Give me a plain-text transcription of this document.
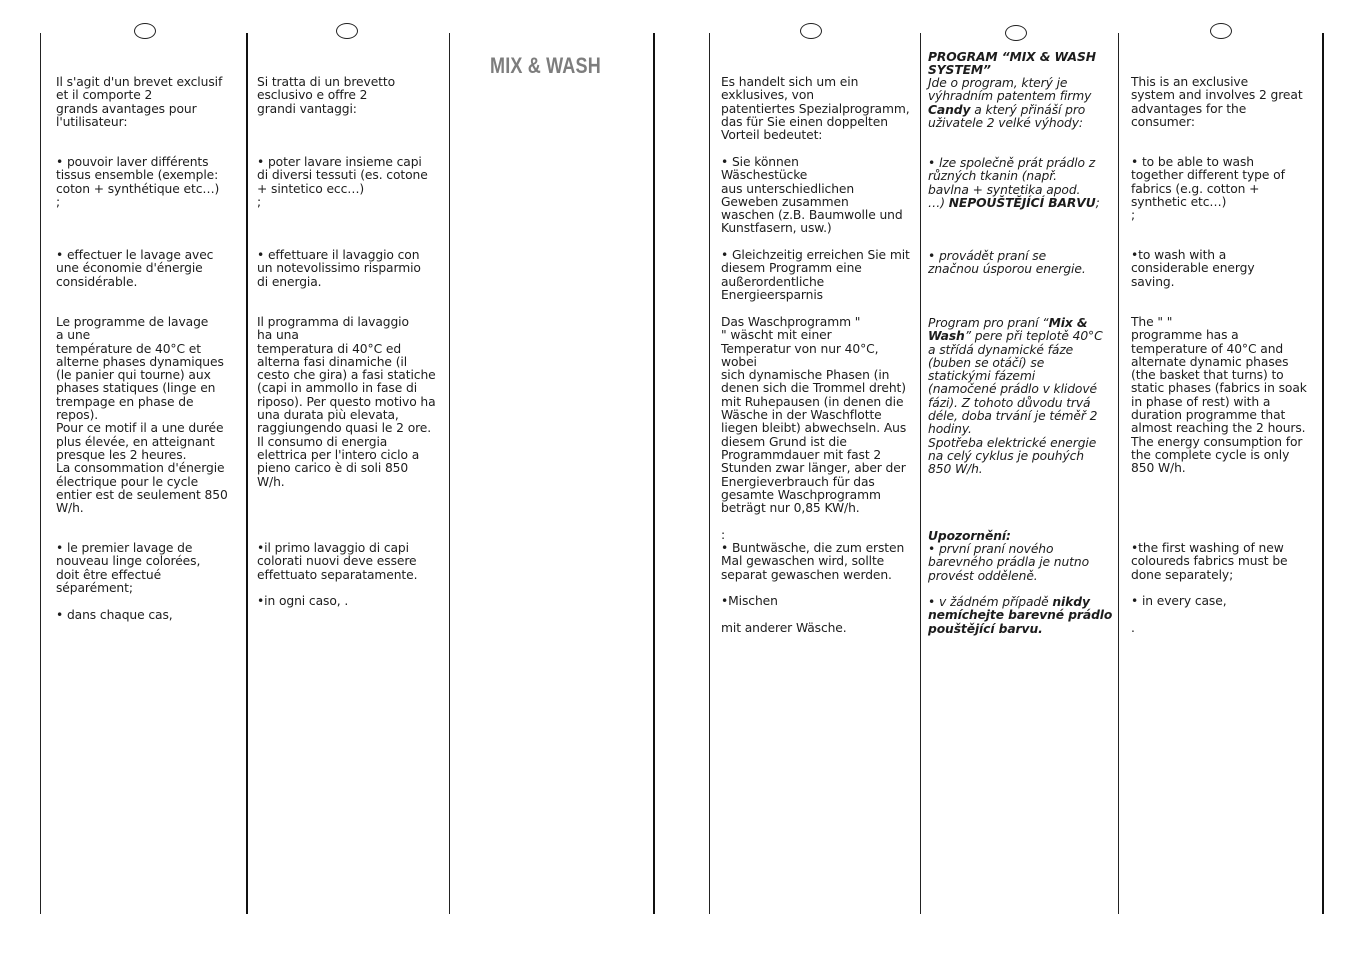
MIX & WASH
Il s'agit d'un brevet exclusif
et il comporte 2
grands avantages pour
l'utilisateur:
• pouvoir laver différents
tissus ensemble (exemple:
coton + synthétique etc…)
;
• effectuer le lavage avec
une économie d'énergie
considérable.
Le programme de lavage
a une
température de 40°C et
alterne phases dynamiques
(le panier qui tourne) aux
phases statiques (linge en
trempage en phase de
repos).
Pour ce motif il a une durée
plus élevée, en atteignant
presque les 2 heures.
La consommation d'énergie
électrique pour le cycle
entier est de seulement 850
W/h.
• le premier lavage de
nouveau linge colorées,
doit être effectué
séparément;
• dans chaque cas,
Si tratta di un brevetto
esclusivo e offre 2
grandi vantaggi:
• poter lavare insieme capi
di diversi tessuti (es. cotone
+ sintetico ecc…)
;
• effettuare il lavaggio con
un notevolissimo risparmio
di energia.
Il programma di lavaggio
ha una
temperatura di 40°C ed
alterna fasi dinamiche (il
cesto che gira) a fasi statiche
(capi in ammollo in fase di
riposo). Per questo motivo ha
una durata più elevata,
raggiungendo quasi le 2 ore.
Il consumo di energia
elettrica per l'intero ciclo a
pieno carico è di soli 850
W/h.
•il primo lavaggio di capi
colorati nuovi deve essere
effettuato separatamente.
•in ogni caso, .
Es handelt sich um ein
exklusives, von
patentiertes Spezialprogramm,
das für Sie einen doppelten
Vorteil bedeutet:
• Sie können
Wäschestücke
aus unterschiedlichen
Geweben zusammen
waschen (z.B. Baumwolle und
Kunstfasern, usw.)
• Gleichzeitig erreichen Sie mit
diesem Programm eine
außerordentliche
Energieersparnis
Das Waschprogramm "
" wäscht mit einer
Temperatur von nur 40°C, wobei
sich dynamische Phasen (in
denen sich die Trommel dreht)
mit Ruhepausen (in denen die
Wäsche in der Waschflotte
liegen bleibt) abwechseln. Aus
diesem Grund ist die
Programmdauer mit fast 2
Stunden zwar länger, aber der
Energieverbrauch für das
gesamte Waschprogramm
beträgt nur 0,85 KW/h.
:
• Buntwäsche, die zum ersten
Mal gewaschen wird, sollte
separat gewaschen werden.
•Mischen

mit anderer Wäsche.
PROGRAM “MIX & WASH
SYSTEM”
Jde o program, který je
výhradním patentem firmy
Candy a který přináší pro
uživatele 2 velké výhody:
• lze společně prát prádlo z
různých tkanin (např.
bavlna + syntetika apod.
…) NEPOUŠTĚJÍCÍ BARVU;
• provádět praní se
značnou úsporou energie.
Program pro praní “Mix &
Wash” pere při teplotě 40°C
a střídá dynamické fáze
(buben se otáčí) se
statickými fázemi
(namočené prádlo v klidové
fázi). Z tohoto důvodu trvá
déle, doba trvání je téměř 2
hodiny.
Spotřeba elektrické energie
na celý cyklus je pouhých
850 W/h.
Upozornění:
• první praní nového
barevného prádla je nutno
provést odděleně.
• v žádném případě nikdy
nemíchejte barevné prádlo
pouštějící barvu.
This is an exclusive
system and involves 2 great
advantages for the
consumer:
• to be able to wash
together different type of
fabrics (e.g. cotton +
synthetic etc…)
;
•to wash with a
considerable energy
saving.
The " "
programme has a
temperature of 40°C and
alternate dynamic phases
(the basket that turns) to
static phases (fabrics in soak
in phase of rest) with a
duration programme that
almost reaching the 2 hours.
The energy consumption for
the complete cycle is only
850 W/h.
•the first washing of new
coloureds fabrics must be
done separately;
• in every case,

.
